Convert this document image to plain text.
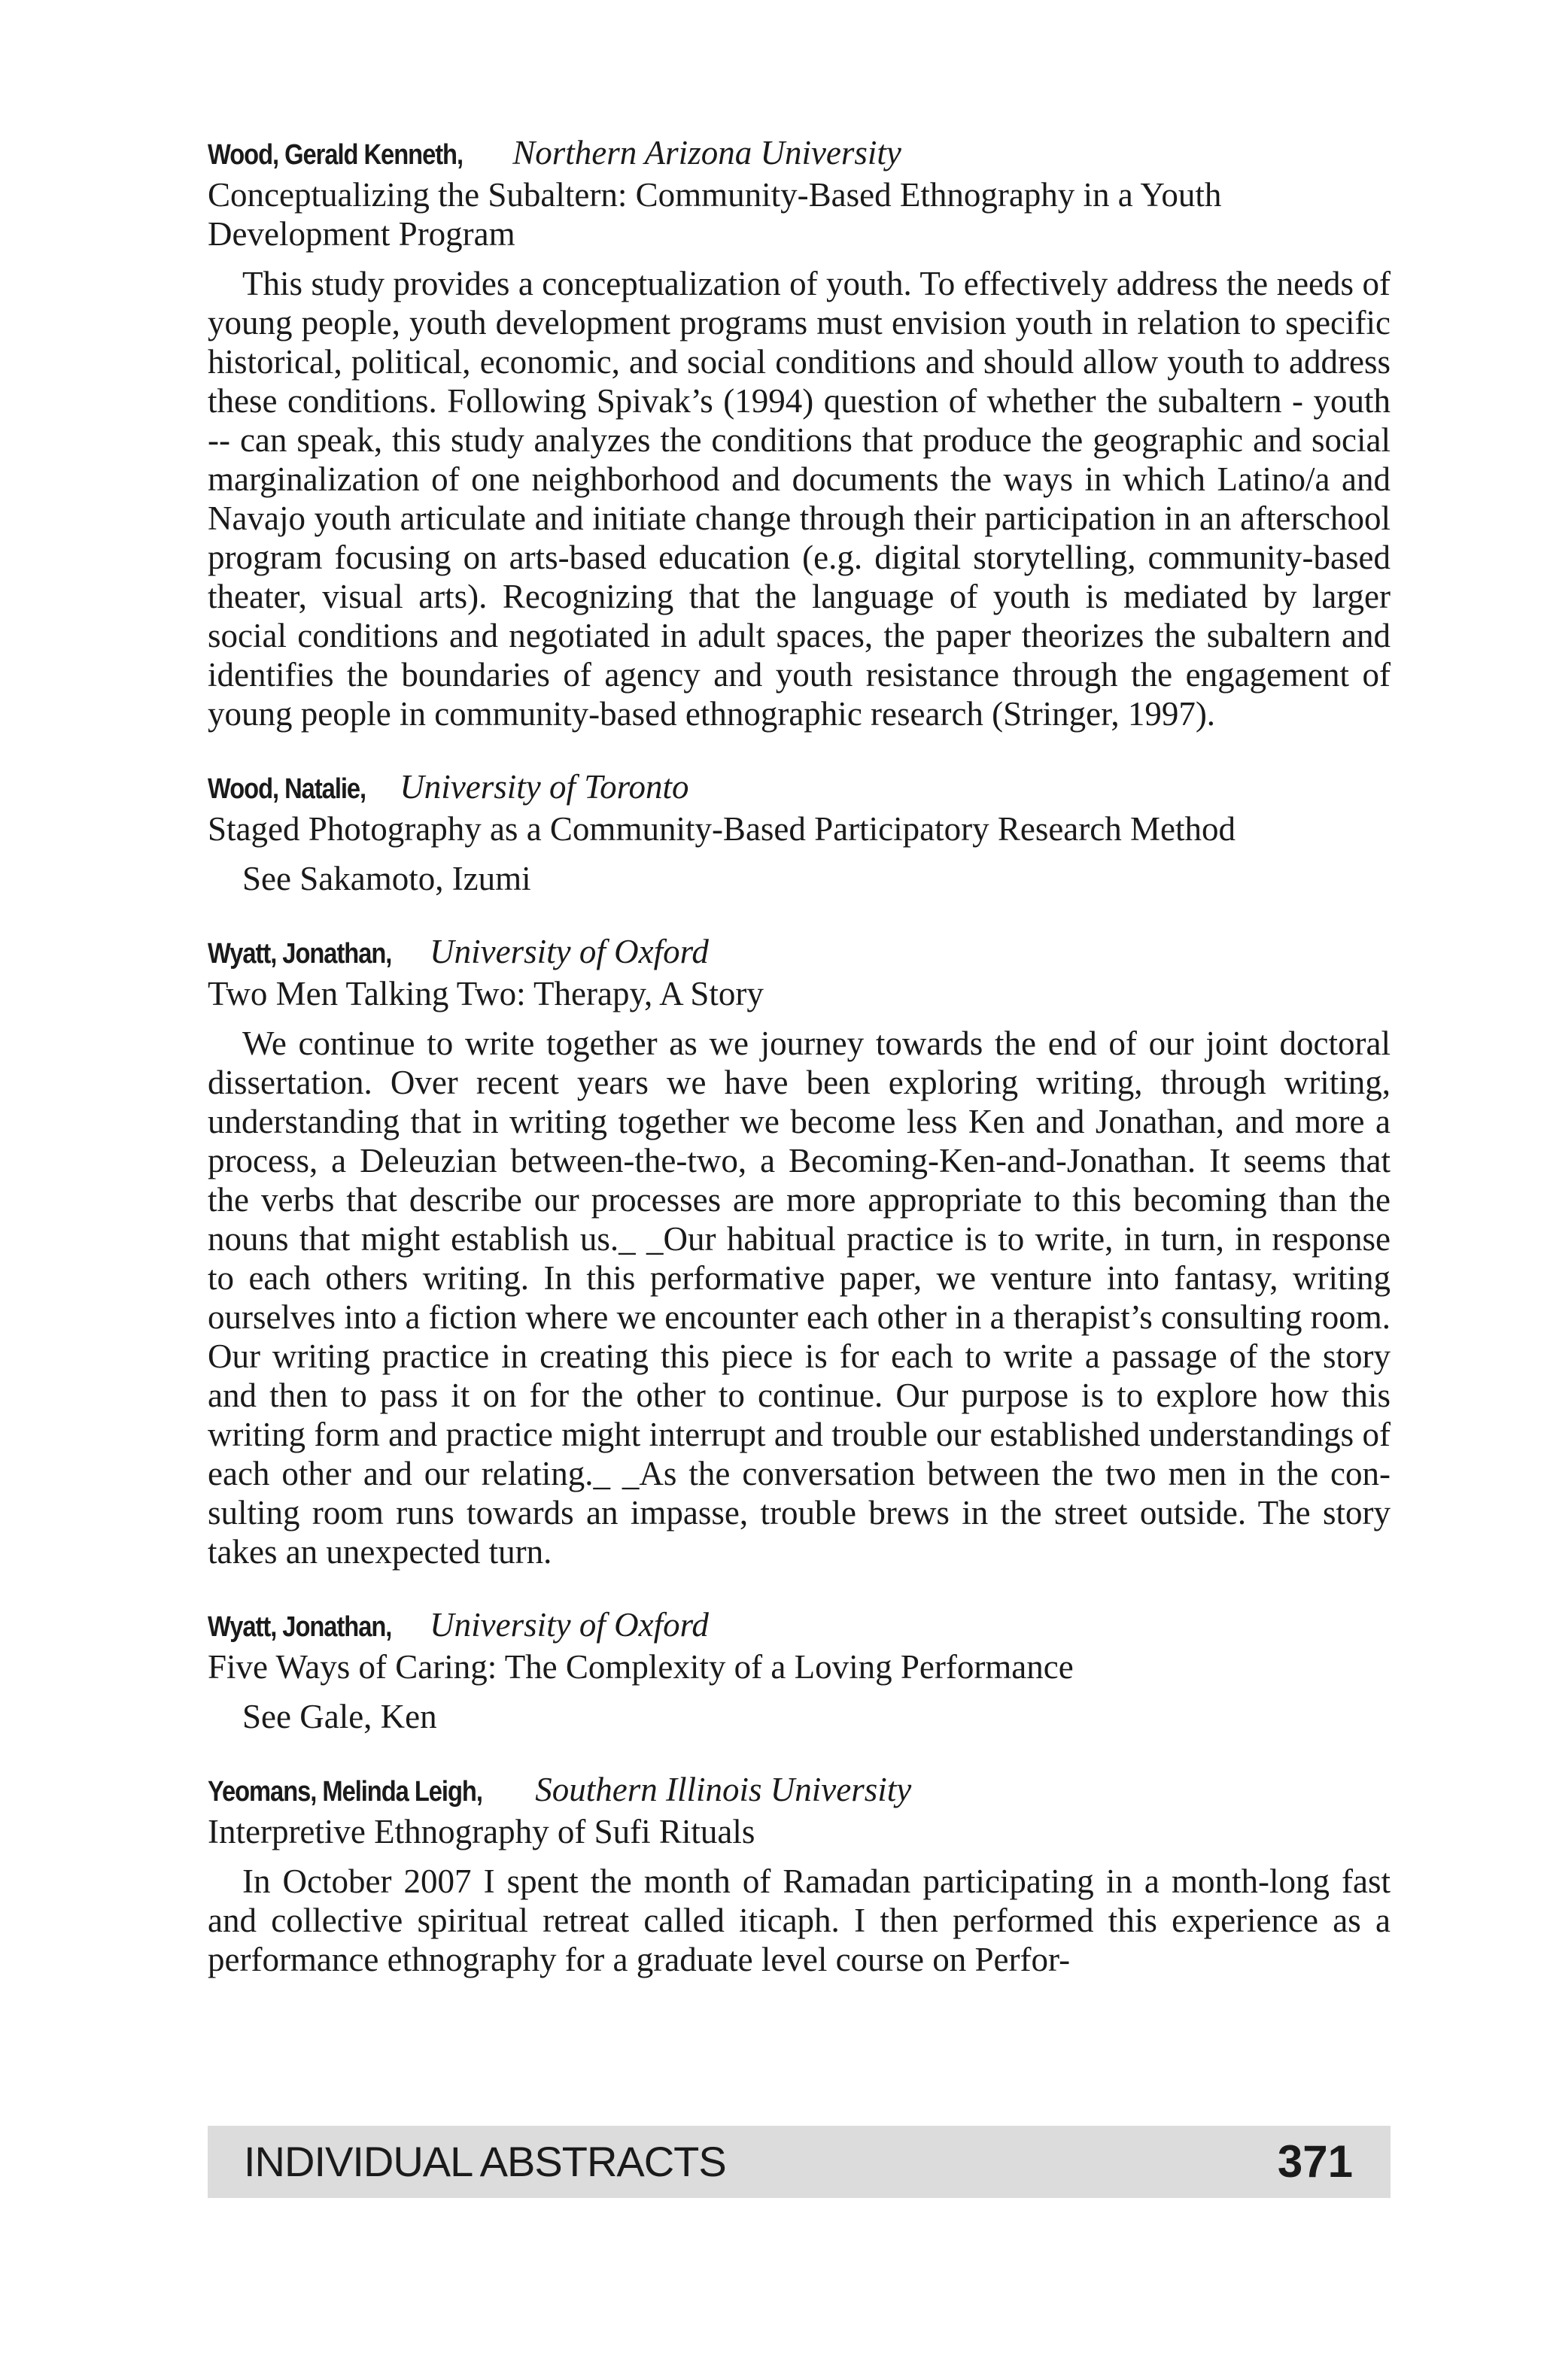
Wood, Gerald Kenneth, Northern Arizona University

Conceptualizing the Subaltern: Community-Based Ethnography in a Youth Development Program

This study provides a conceptualization of youth. To effectively address the needs of young people, youth development programs must envision youth in relation to specific historical, political, economic, and social conditions and should allow youth to address these conditions. Following Spivak’s (1994) question of whether the subaltern - youth -- can speak, this study analyzes the conditions that produce the geographic and social marginalization of one neighborhood and documents the ways in which Latino/a and Navajo youth articulate and initiate change through their participation in an afterschool program focusing on arts-based education (e.g. digital storytelling, community-based theater, visual arts). Recognizing that the language of youth is mediated by larger social conditions and negotiated in adult spaces, the paper theorizes the subaltern and identifies the boundaries of agency and youth resistance through the engagement of young people in community-based ethnographic research (Stringer, 1997).

Wood, Natalie, University of Toronto

Staged Photography as a Community-Based Participatory Research Method

See Sakamoto, Izumi

Wyatt, Jonathan, University of Oxford

Two Men Talking Two: Therapy, A Story

We continue to write together as we journey towards the end of our joint doctoral dissertation. Over recent years we have been exploring writing, through writing, understanding that in writing together we become less Ken and Jonathan, and more a process, a Deleuzian between-the-two, a Becoming-Ken-and-Jonathan. It seems that the verbs that describe our processes are more appropriate to this becoming than the nouns that might establish us._ _Our habitual practice is to write, in turn, in response to each others writing. In this performative paper, we venture into fantasy, writing ourselves into a fiction where we encounter each other in a therapist’s consulting room. Our writing practice in creating this piece is for each to write a passage of the story and then to pass it on for the other to continue. Our purpose is to explore how this writing form and practice might interrupt and trouble our established understandings of each other and our relating._ _As the conversation between the two men in the consulting room runs towards an impasse, trouble brews in the street outside. The story takes an unexpected turn.

Wyatt, Jonathan, University of Oxford

Five Ways of Caring: The Complexity of a Loving Performance

See Gale, Ken

Yeomans, Melinda Leigh, Southern Illinois University

Interpretive Ethnography of Sufi Rituals

In October 2007 I spent the month of Ramadan participating in a month-long fast and collective spiritual retreat called iticaph. I then performed this experience as a performance ethnography for a graduate level course on Perfor-

INDIVIDUAL ABSTRACTS	371
